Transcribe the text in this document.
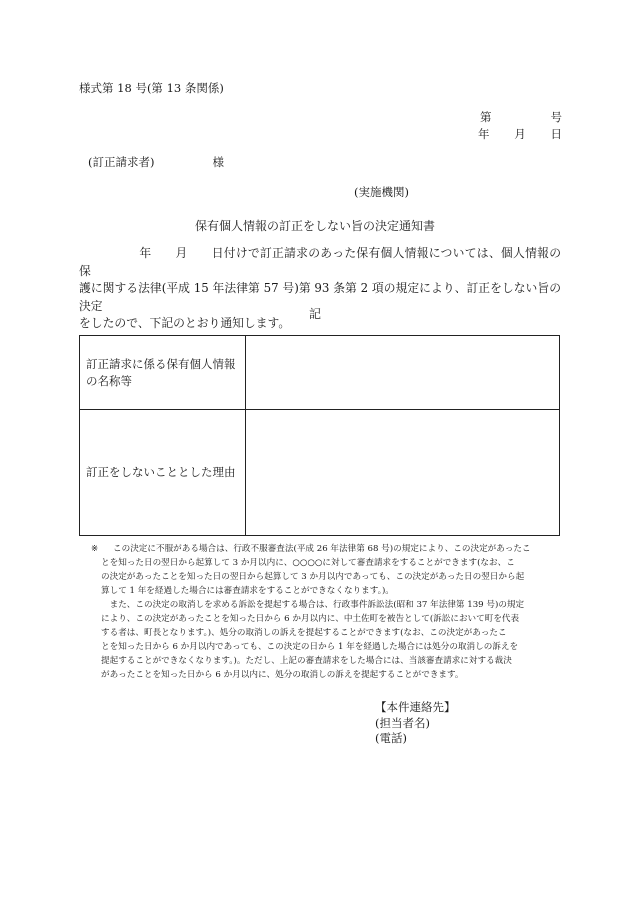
様式第 18 号(第 13 条関係)
第	号
年 月 日
(訂正請求者)	様
(実施機関)
保有個人情報の訂正をしない旨の決定通知書

　　　　　年　　月　　日付けで訂正請求のあった保有個人情報については、個人情報の保

護に関する法律(平成 15 年法律第 57 号)第 93 条第 2 項の規定により、訂正をしない旨の決定

をしたので、下記のとおり通知します。

記
訂正請求に係る保有個人情報の名称等	
訂正をしないこととした理由	

※ この決定に不服がある場合は、行政不服審査法(平成 26 年法律第 68 号)の規定により、この決定があったこ

とを知った日の翌日から起算して 3 か月以内に、○○○○に対して審査請求をすることができます(なお、こ

の決定があったことを知った日の翌日から起算して 3 か月以内であっても、この決定があった日の翌日から起

算して 1 年を経過した場合には審査請求をすることができなくなります。)。

　また、この決定の取消しを求める訴訟を提起する場合は、行政事件訴訟法(昭和 37 年法律第 139 号)の規定

により、この決定があったことを知った日から 6 か月以内に、中土佐町を被告として(訴訟において町を代表

する者は、町長となります。)、処分の取消しの訴えを提起することができます(なお、この決定があったこ

とを知った日から 6 か月以内であっても、この決定の日から 1 年を経過した場合には処分の取消しの訴えを

提起することができなくなります。)。ただし、上記の審査請求をした場合には、当該審査請求に対する裁決

があったことを知った日から 6 か月以内に、処分の取消しの訴えを提起することができます。

【本件連絡先】
(担当者名)
(電話)
